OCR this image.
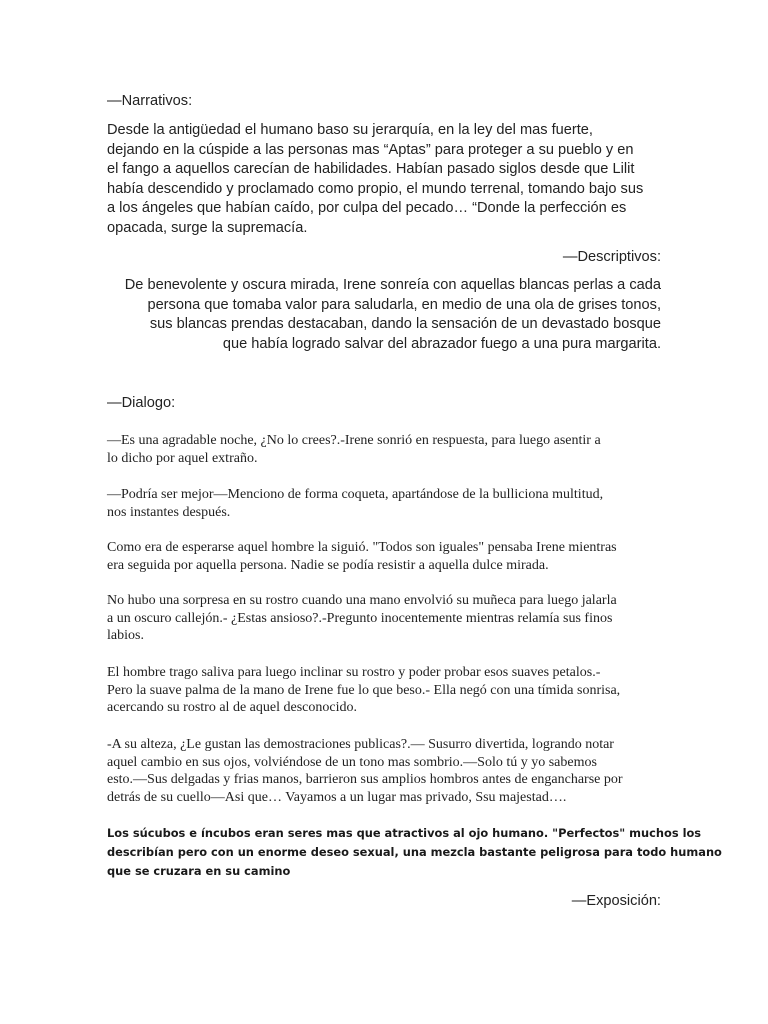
—Narrativos:

Desde la antigüedad el humano baso su jerarquía, en la ley del mas fuerte,
dejando en la cúspide a las personas mas “Aptas” para proteger a su pueblo y en
el fango a aquellos carecían de habilidades. Habían pasado siglos desde que Lilit
había descendido y proclamado como propio, el mundo terrenal, tomando bajo sus
a los ángeles que habían caído, por culpa del pecado… “Donde la perfección es
opacada, surge la supremacía.

—Descriptivos:

De benevolente y oscura mirada, Irene sonreía con aquellas blancas perlas a cada
persona que tomaba valor para saludarla, en medio de una ola de grises tonos,
sus blancas prendas destacaban, dando la sensación de un devastado bosque
que había logrado salvar del abrazador fuego a una pura margarita.

—Dialogo:

—Es una agradable noche, ¿No lo crees?.-Irene sonrió en respuesta, para luego asentir a
lo dicho por aquel extraño.
—Podría ser mejor—Menciono de forma coqueta, apartándose de la bulliciona multitud,
nos instantes después.
Como era de esperarse aquel hombre la siguió. "Todos son iguales" pensaba Irene mientras
era seguida por aquella persona. Nadie se podía resistir a aquella dulce mirada.
No hubo una sorpresa en su rostro cuando una mano envolvió su muñeca para luego jalarla
a un oscuro callejón.- ¿Estas ansioso?.-Pregunto inocentemente mientras relamía sus finos
labios.
El hombre trago saliva para luego inclinar su rostro y poder probar esos suaves petalos.-
Pero la suave palma de la mano de Irene fue lo que beso.- Ella negó con una tímida sonrisa,
acercando su rostro al de aquel desconocido.
-A su alteza, ¿Le gustan las demostraciones publicas?.— Susurro divertida, logrando notar
aquel cambio en sus ojos, volviéndose de un tono mas sombrio.—Solo tú y yo sabemos
esto.—Sus delgadas y frias manos, barrieron sus amplios hombros antes de engancharse por
detrás de su cuello—Asi que… Vayamos a un lugar mas privado, Ssu majestad….
Los súcubos e íncubos eran seres mas que atractivos al ojo humano. "Perfectos" muchos los
describían pero con un enorme deseo sexual, una mezcla bastante peligrosa para todo humano
que se cruzara en su camino

—Exposición:
